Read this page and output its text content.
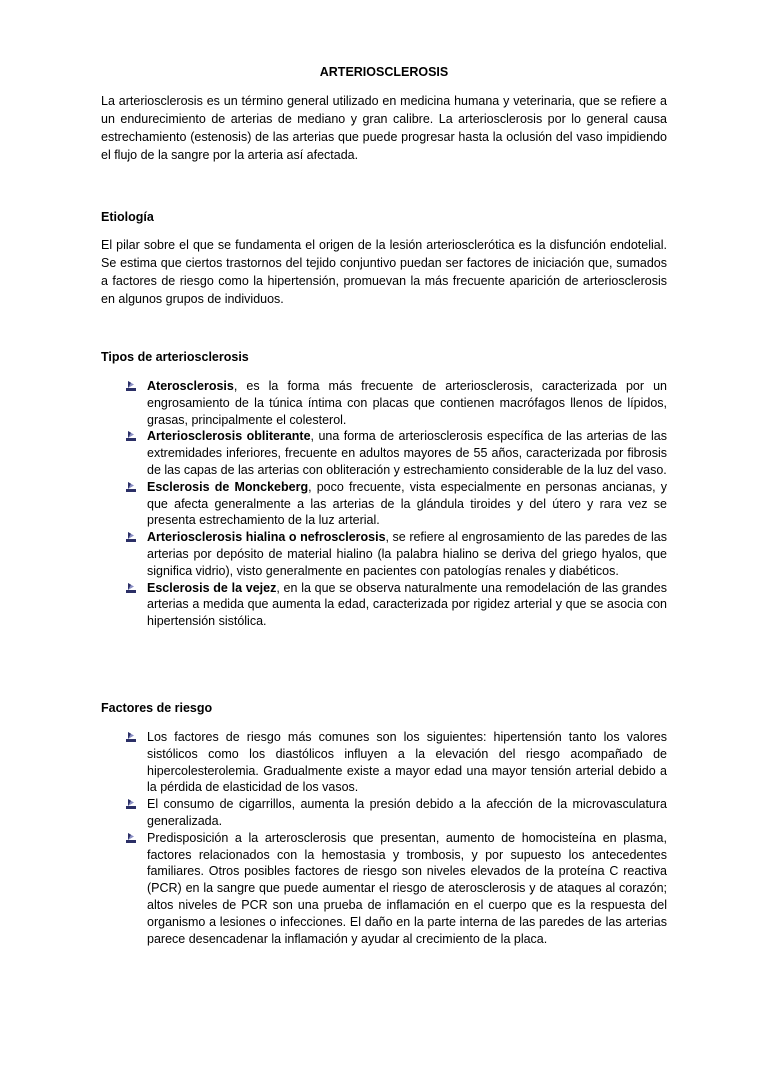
ARTERIOSCLEROSIS

La arteriosclerosis es un término general utilizado en medicina humana y veterinaria, que se refiere a un endurecimiento de arterias de mediano y gran calibre. La arteriosclerosis por lo general causa estrechamiento (estenosis) de las arterias que puede progresar hasta la oclusión del vaso impidiendo el flujo de la sangre por la arteria así afectada.

Etiología

El pilar sobre el que se fundamenta el origen de la lesión arteriosclerótica es la disfunción endotelial. Se estima que ciertos trastornos del tejido conjuntivo puedan ser factores de iniciación que, sumados a factores de riesgo como la hipertensión, promuevan la más frecuente aparición de arteriosclerosis en algunos grupos de individuos.

Tipos de arteriosclerosis

Aterosclerosis, es la forma más frecuente de arteriosclerosis, caracterizada por un engrosamiento de la túnica íntima con placas que contienen macrófagos llenos de lípidos, grasas, principalmente el colesterol.
Arteriosclerosis obliterante, una forma de arteriosclerosis específica de las arterias de las extremidades inferiores, frecuente en adultos mayores de 55 años, caracterizada por fibrosis de las capas de las arterias con obliteración y estrechamiento considerable de la luz del vaso.
Esclerosis de Monckeberg, poco frecuente, vista especialmente en personas ancianas, y que afecta generalmente a las arterias de la glándula tiroides y del útero y rara vez se presenta estrechamiento de la luz arterial.
Arteriosclerosis hialina o nefrosclerosis, se refiere al engrosamiento de las paredes de las arterias por depósito de material hialino (la palabra hialino se deriva del griego hyalos, que significa vidrio), visto generalmente en pacientes con patologías renales y diabéticos.
Esclerosis de la vejez, en la que se observa naturalmente una remodelación de las grandes arterias a medida que aumenta la edad, caracterizada por rigidez arterial y que se asocia con hipertensión sistólica.

Factores de riesgo

Los factores de riesgo más comunes son los siguientes: hipertensión tanto los valores sistólicos como los diastólicos influyen a la elevación del riesgo acompañado de hipercolesterolemia. Gradualmente existe a mayor edad una mayor tensión arterial debido a la pérdida de elasticidad de los vasos.
El consumo de cigarrillos, aumenta la presión debido a la afección de la microvasculatura generalizada.
Predisposición a la arterosclerosis que presentan, aumento de homocisteína en plasma, factores relacionados con la hemostasia y trombosis, y por supuesto los antecedentes familiares. Otros posibles factores de riesgo son niveles elevados de la proteína C reactiva (PCR) en la sangre que puede aumentar el riesgo de aterosclerosis y de ataques al corazón; altos niveles de PCR son una prueba de inflamación en el cuerpo que es la respuesta del organismo a lesiones o infecciones. El daño en la parte interna de las paredes de las arterias parece desencadenar la inflamación y ayudar al crecimiento de la placa.
